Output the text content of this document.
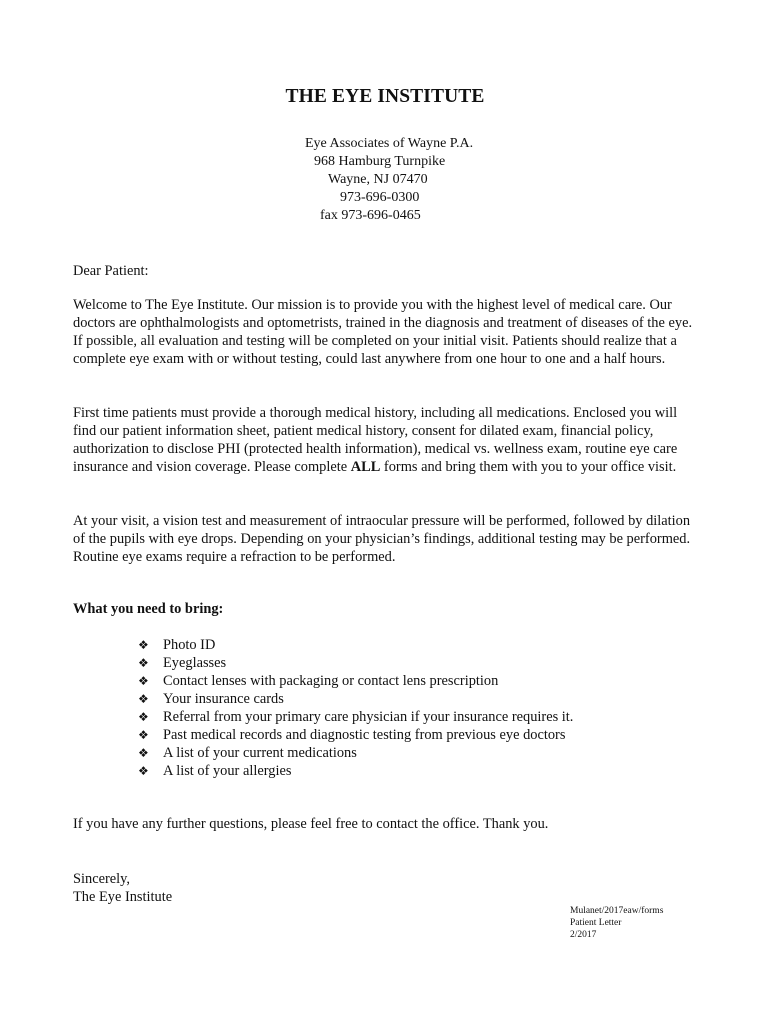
THE EYE INSTITUTE
Eye Associates of Wayne P.A.
968 Hamburg Turnpike
Wayne, NJ 07470
973-696-0300
fax 973-696-0465
Dear Patient:
Welcome to The Eye Institute. Our mission is to provide you with the highest level of medical care. Our doctors are ophthalmologists and optometrists, trained in the diagnosis and treatment of diseases of the eye. If possible, all evaluation and testing will be completed on your initial visit. Patients should realize that a complete eye exam with or without testing, could last anywhere from one hour to one and a half hours.
First time patients must provide a thorough medical history, including all medications. Enclosed you will find our patient information sheet, patient medical history, consent for dilated exam, financial policy, authorization to disclose PHI (protected health information), medical vs. wellness exam, routine eye care insurance and vision coverage. Please complete ALL forms and bring them with you to your office visit.
At your visit, a vision test and measurement of intraocular pressure will be performed, followed by dilation of the pupils with eye drops. Depending on your physician’s findings, additional testing may be performed. Routine eye exams require a refraction to be performed.
What you need to bring:
❖ Photo ID
❖ Eyeglasses
❖ Contact lenses with packaging or contact lens prescription
❖ Your insurance cards
❖ Referral from your primary care physician if your insurance requires it.
❖ Past medical records and diagnostic testing from previous eye doctors
❖ A list of your current medications
❖ A list of your allergies
If you have any further questions, please feel free to contact the office. Thank you.
Sincerely,
The Eye Institute
Mulanet/2017eaw/forms
Patient Letter
2/2017
